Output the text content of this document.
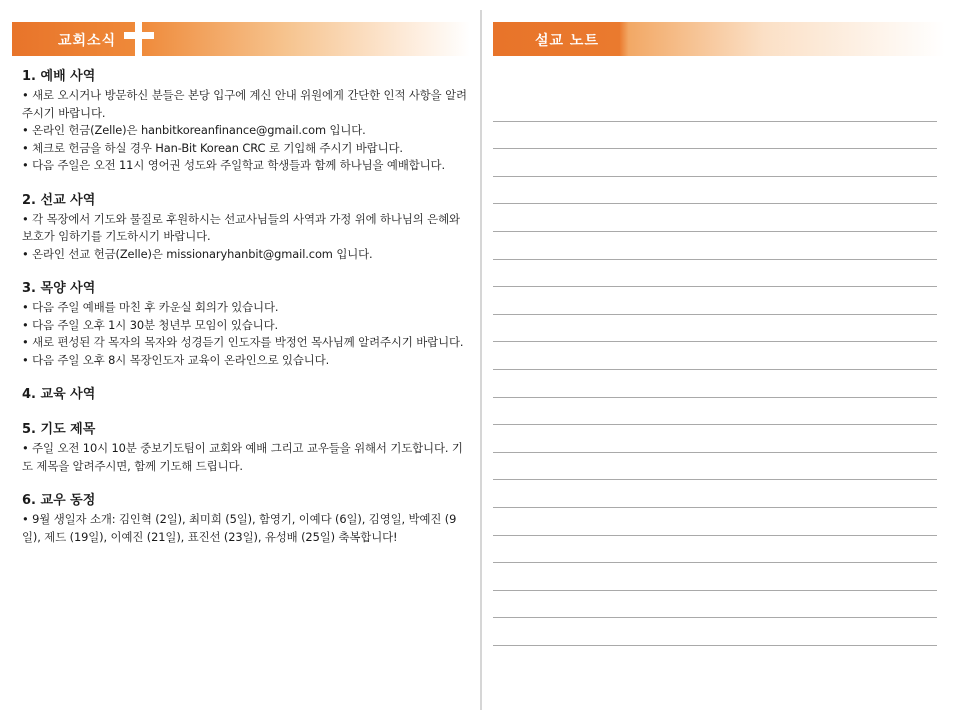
교회소식	설교 노트
1. 예배 사역
• 새로 오시거나 방문하신 분들은 본당 입구에 계신 안내 위원에게 간단한 인적 사항을 알려주시기 바랍니다.
• 온라인 헌금(Zelle)은 hanbitkoreanfinance@gmail.com 입니다.
• 체크로 헌금을 하실 경우 Han-Bit Korean CRC 로 기입해 주시기 바랍니다.
• 다음 주일은 오전 11시 영어권 성도와 주일학교 학생들과 함께 하나님을 예배합니다.
2. 선교 사역
• 각 목장에서 기도와 물질로 후원하시는 선교사님들의 사역과 가정 위에 하나님의 은혜와 보호가 임하기를 기도하시기 바랍니다.
• 온라인 선교 헌금(Zelle)은 missionaryhanbit@gmail.com 입니다.
3. 목양 사역
• 다음 주일 예배를 마친 후 카운실 회의가 있습니다.
• 다음 주일 오후 1시 30분 청년부 모임이 있습니다.
• 새로 편성된 각 목자의 목자와 성경듣기 인도자를 박정언 목사님께 알려주시기 바랍니다.
• 다음 주일 오후 8시 목장인도자 교육이 온라인으로 있습니다.
4. 교육 사역
5. 기도 제목
• 주일 오전 10시 10분 중보기도팀이 교회와 예배 그리고 교우들을 위해서 기도합니다. 기도 제목을 알려주시면, 함께 기도해 드립니다.
6. 교우 동정
• 9월 생일자 소개: 김인혁 (2일), 최미희 (5일), 함영기, 이예다 (6일), 김영일, 박예진 (9일), 제드 (19일), 이예진 (21일), 표진선 (23일), 유성배 (25일) 축복합니다!
